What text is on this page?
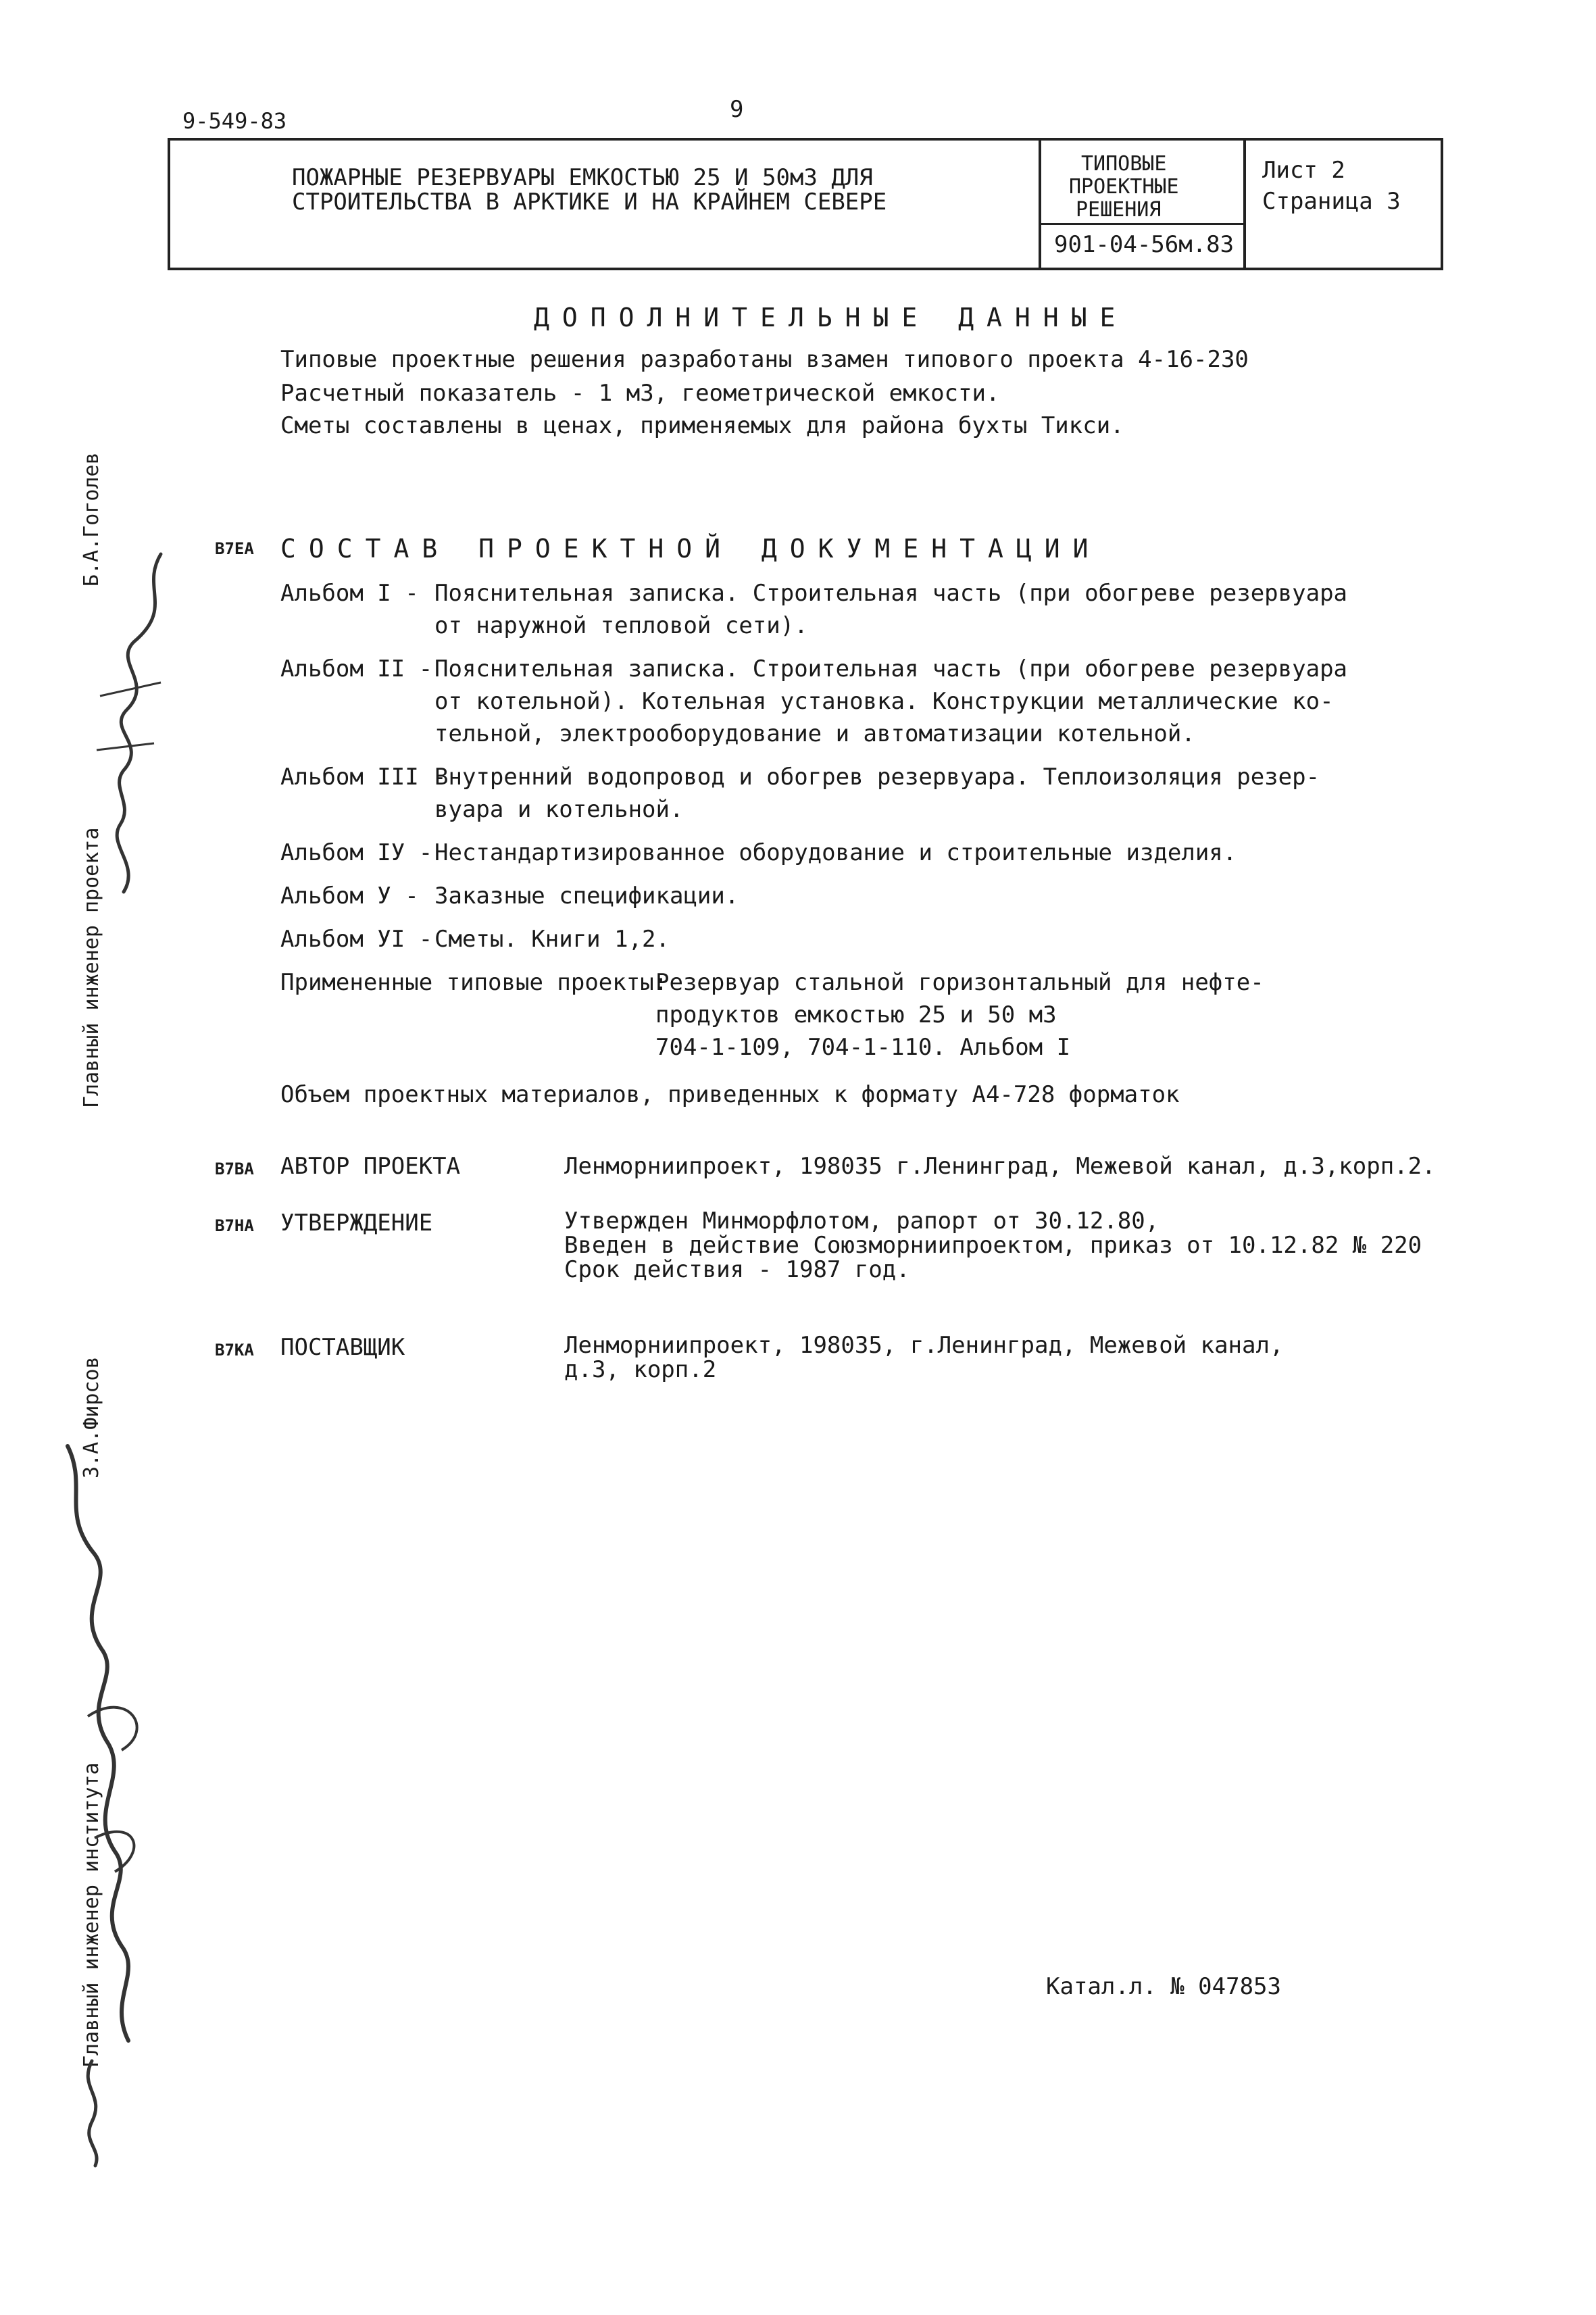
9-549-83	9
ПОЖАРНЫЕ РЕЗЕРВУАРЫ ЕМКОСТЬЮ 25 И 50м3 ДЛЯ
СТРОИТЕЛЬСТВА В АРКТИКЕ И НА КРАЙНЕМ СЕВЕРЕ
ТИПОВЫЕ
ПРОЕКТНЫЕ
РЕШЕНИЯ
901-04-56м.83
Лист 2
Страница 3
ДОПОЛНИТЕЛЬНЫЕ ДАННЫЕ
Типовые проектные решения разработаны взамен типового проекта 4-16-230
Расчетный показатель - 1 м3, геометрической емкости.
Сметы составлены в ценах, применяемых для района бухты Тикси.
В7ЕА СОСТАВ ПРОЕКТНОЙ ДОКУМЕНТАЦИИ
Альбом I - Пояснительная записка. Строительная часть (при обогреве резервуара
от наружной тепловой сети).
Альбом II - Пояснительная записка. Строительная часть (при обогреве резервуара
от котельной). Котельная установка. Конструкции металлические ко-
тельной, электрооборудование и автоматизации котельной.
Альбом III -
Внутренний водопровод и обогрев резервуара. Теплоизоляция резер-
вуара и котельной.
Альбом IУ - Нестандартизированное оборудование и строительные изделия.
Альбом У - Заказные спецификации.
Альбом УI - Сметы. Книги 1,2.
Примененные типовые проекты:
Резервуар стальной горизонтальный для нефте-
продуктов емкостью 25 и 50 м3
704-1-109, 704-1-110. Альбом I
Объем проектных материалов, приведенных к формату А4-728 форматок
В7ВА АВТОР ПРОЕКТА	Ленморниипроект, 198035 г.Ленинград, Межевой канал, д.3,корп.2.
В7НА УТВЕРЖДЕНИЕ	Утвержден Минморфлотом, рапорт от 30.12.80,
Введен в действие Союзморниипроектом, приказ от 10.12.82 № 220
Срок действия - 1987 год.
В7КА ПОСТАВЩИК	Ленморниипроект, 198035, г.Ленинград, Межевой канал,
д.3, корп.2
Катал.л. № 047853
Главный инженер проекта
Б.А.Гоголев
Главный инженер института
З.А.Фирсов
